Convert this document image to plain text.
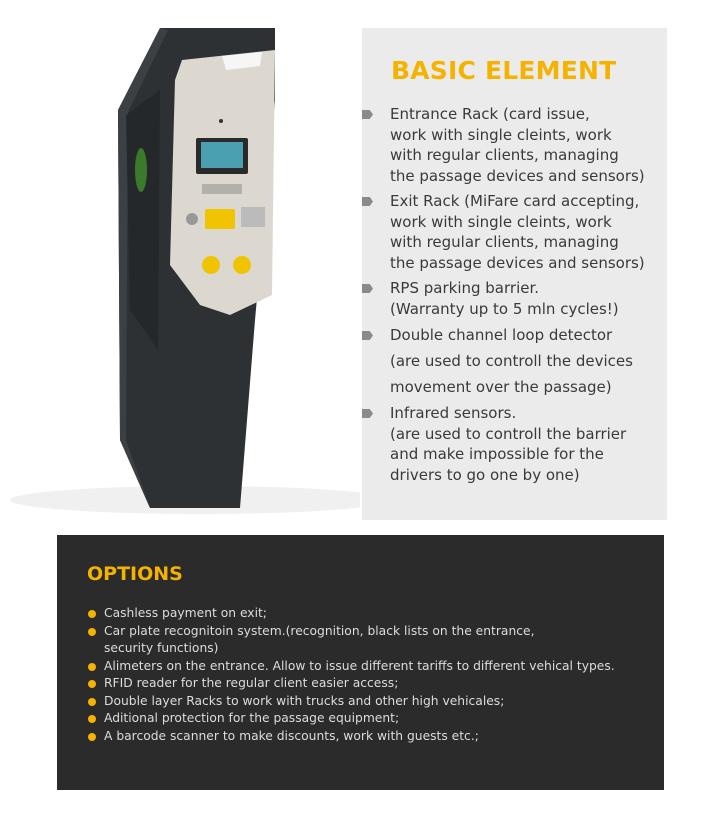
BASIC ELEMENT
Entrance Rack (card issue,
work with single cleints, work
with regular clients, managing
the passage devices and sensors)
Exit Rack (MiFare card accepting,
work with single cleints, work
with regular clients, managing
the passage devices and sensors)
RPS parking barrier.
(Warranty up to 5 mln cycles!)
Double channel loop detector
(are used to controll the devices
movement over the passage)
Infrared sensors.
(are used to controll the barrier
and make impossible for the
drivers to go one by one)
OPTIONS
Cashless payment on exit;
Car plate recognitoin system.(recognition, black lists on the entrance,
security functions)
Alimeters on the entrance. Allow to issue different tariffs to different vehical types.
RFID reader for the regular client easier access;
Double layer Racks to work with trucks and other high vehicales;
Aditional protection for the passage equipment;
A barcode scanner to make discounts, work with guests etc.;
